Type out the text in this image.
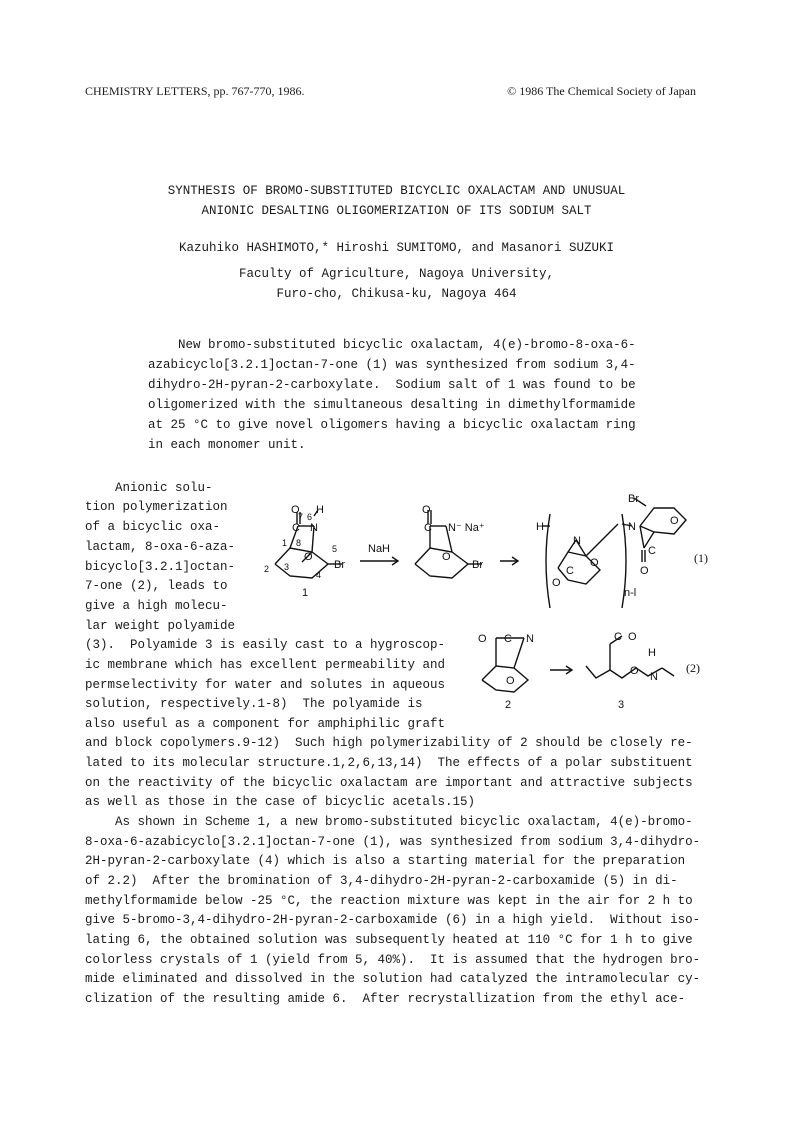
CHEMISTRY LETTERS, pp. 767-770, 1986.	© 1986 The Chemical Society of Japan
SYNTHESIS OF BROMO-SUBSTITUTED BICYCLIC OXALACTAM AND UNUSUAL
ANIONIC DESALTING OLIGOMERIZATION OF ITS SODIUM SALT
Kazuhiko HASHIMOTO,* Hiroshi SUMITOMO, and Masanori SUZUKI
Faculty of Agriculture, Nagoya University,
Furo-cho, Chikusa-ku, Nagoya 464
New bromo-substituted bicyclic oxalactam, 4(e)-bromo-8-oxa-6-
azabicyclo[3.2.1]octan-7-one (1) was synthesized from sodium 3,4-
dihydro-2H-pyran-2-carboxylate.  Sodium salt of 1 was found to be
oligomerized with the simultaneous desalting in dimethylformamide
at 25 °C to give novel oligomers having a bicyclic oxalactam ring
in each monomer unit.
Anionic solu-
tion polymerization
of a bicyclic oxa-
lactam, 8-oxa-6-aza-
bicyclo[3.2.1]octan-
7-one (2), leads to
give a high molecu-
lar weight polyamide
(3).  Polyamide 3 is easily cast to a hygroscop-
ic membrane which has excellent permeability and
permselectivity for water and solutes in aqueous
solution, respectively.1-8)  The polyamide is
also useful as a component for amphiphilic graft
and block copolymers.9-12)  Such high polymerizability of 2 should be closely re-
lated to its molecular structure.1,2,6,13,14)  The effects of a polar substituent
on the reactivity of the bicyclic oxalactam are important and attractive subjects
as well as those in the case of bicyclic acetals.15)
As shown in Scheme 1, a new bromo-substituted bicyclic oxalactam, 4(e)-bromo-
8-oxa-6-azabicyclo[3.2.1]octan-7-one (1), was synthesized from sodium 3,4-dihydro-
2H-pyran-2-carboxylate (4) which is also a starting material for the preparation
of 2.2)  After the bromination of 3,4-dihydro-2H-pyran-2-carboxamide (5) in di-
methylformamide below -25 °C, the reaction mixture was kept in the air for 2 h to
give 5-bromo-3,4-dihydro-2H-pyran-2-carboxamide (6) in a high yield.  Without iso-
lating 6, the obtained solution was subsequently heated at 110 °C for 1 h to give
colorless crystals of 1 (yield from 5, 40%).  It is assumed that the hydrogen bro-
mide eliminated and dissolved in the solution had catalyzed the intramolecular cy-
clization of the resulting amide 6.  After recrystallization from the ethyl ace-
O
7 6
H
C N
1 8
5
O
2 3
4
Br
1
NaH
O
C N⁻ Na⁺
O
Br
H
N
O
C
O
N
Br
O
C
O
n-l
(1)
O C N
O
C O
O
H
N
2	3
(2)
